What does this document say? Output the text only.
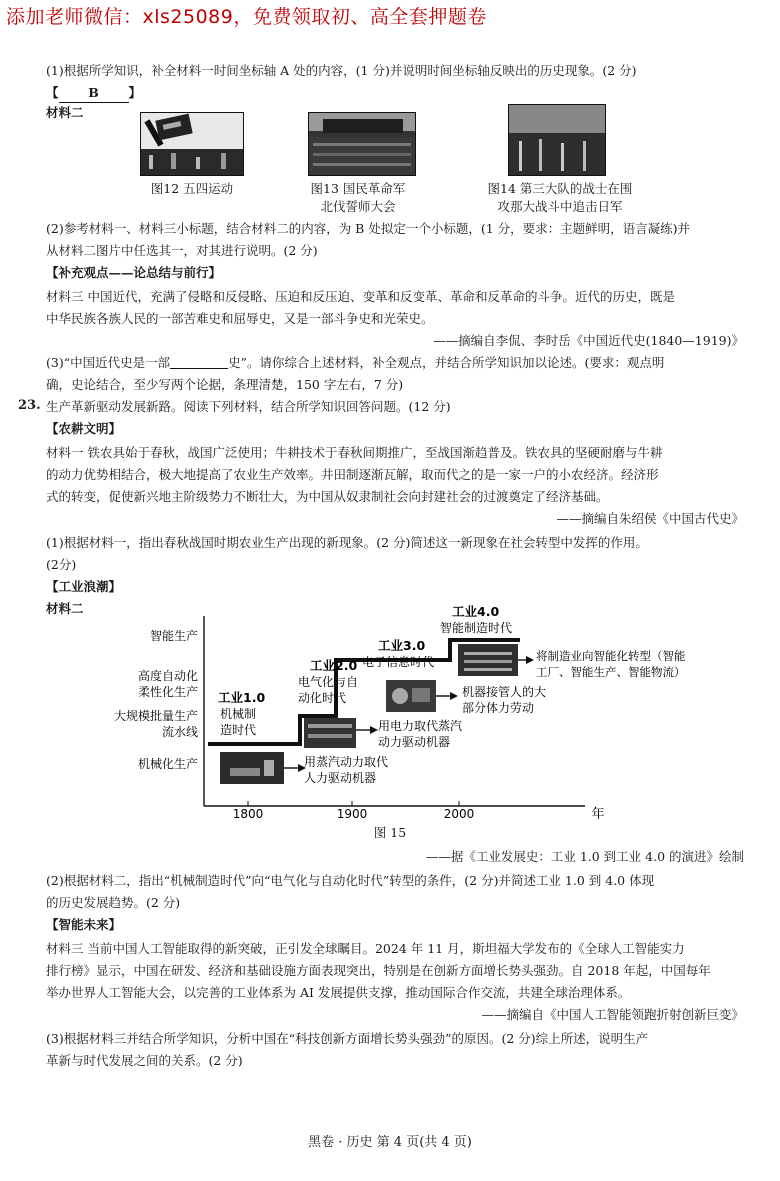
添加老师微信：xls25089，免费领取初、高全套押题卷
(1)根据所学知识，补全材料一时间坐标轴 A 处的内容，(1 分)并说明时间坐标轴反映出的历史现象。(2 分)
【 B 】
材料二
图12 五四运动	图13 国民革命军
北伐誓师大会
图14 第三大队的战士在围
攻那大战斗中追击日军
(2)参考材料一、材料三小标题，结合材料二的内容，为 B 处拟定一个小标题，(1 分，要求：主题鲜明，语言凝练)并
从材料二图片中任选其一，对其进行说明。(2 分)
【补充观点——论总结与前行】
材料三 中国近代，充满了侵略和反侵略、压迫和反压迫、变革和反变革、革命和反革命的斗争。近代的历史，既是
中华民族各族人民的一部苦难史和屈辱史，又是一部斗争史和光荣史。
——摘编自李侃、李时岳《中国近代史(1840—1919)》
(3)“中国近代史是一部	史”。请你综合上述材料，补全观点，并结合所学知识加以论述。(要求：观点明
确，史论结合，至少写两个论据，条理清楚，150 字左右，7 分)
23. 生产革新驱动发展新路。阅读下列材料，结合所学知识回答问题。(12 分)
【农耕文明】
材料一 铁农具始于春秋，战国广泛使用；牛耕技术于春秋间期推广，至战国渐趋普及。铁农具的坚硬耐磨与牛耕
的动力优势相结合，极大地提高了农业生产效率。井田制逐渐瓦解，取而代之的是一家一户的小农经济。经济形
式的转变，促使新兴地主阶级势力不断壮大，为中国从奴隶制社会向封建社会的过渡奠定了经济基础。
——摘编自朱绍侯《中国古代史》
(1)根据材料一，指出春秋战国时期农业生产出现的新现象。(2 分)简述这一新现象在社会转型中发挥的作用。
(2分)
【工业浪潮】
材料二
1800	1900	2000	年
智能生产
高度自动化
柔性化生产
大规模批量生产
流水线
机械化生产
工业1.0
机械制
造时代
工业2.0
电气化与自
动化时代
工业3.0
电子信息时代
工业4.0
智能制造时代
用蒸汽动力取代
人力驱动机器
用电力取代蒸汽
动力驱动机器
机器接管人的大
部分体力劳动
将制造业向智能化转型（智能
工厂、智能生产、智能物流）
图 15
——据《工业发展史：工业 1.0 到工业 4.0 的演进》绘制
(2)根据材料二，指出“机械制造时代”向“电气化与自动化时代”转型的条件，(2 分)并简述工业 1.0 到 4.0 体现
的历史发展趋势。(2 分)
【智能未来】
材料三 当前中国人工智能取得的新突破，正引发全球瞩目。2024 年 11 月，斯坦福大学发布的《全球人工智能实力
排行榜》显示，中国在研发、经济和基础设施方面表现突出，特别是在创新方面增长势头强劲。自 2018 年起，中国每年
举办世界人工智能大会，以完善的工业体系为 AI 发展提供支撑，推动国际合作交流，共建全球治理体系。
——摘编自《中国人工智能领跑折射创新巨变》
(3)根据材料三并结合所学知识，分析中国在“科技创新方面增长势头强劲”的原因。(2 分)综上所述，说明生产
革新与时代发展之间的关系。(2 分)
黑卷 · 历史 第 4 页(共 4 页)
